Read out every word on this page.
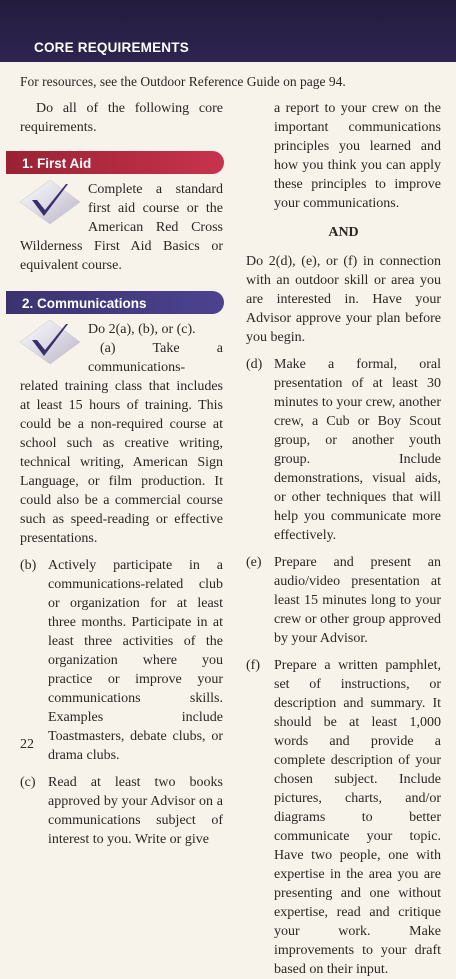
CORE REQUIREMENTS
For resources, see the Outdoor Reference Guide on page 94.

Do all of the following core requirements.

1. First Aid
Complete a standard first aid course or the American Red Cross Wilderness First Aid Basics or equivalent course.
2. Communications

Do 2(a), (b), or (c).

(a)	Take a communications-related training class that includes at least 15 hours of training. This could be a non-required course at school such as creative writing, technical writing, American Sign Language, or film production. It could also be a commercial course such as speed-reading or effective presentations.

(b) Actively participate in a communications-related club or organization for at least three months. Participate in at least three activities of the organization where you practice or improve your communications skills. Examples include Toastmasters, debate clubs, or drama clubs.

(c) Read at least two books approved by your Advisor on a communications subject of interest to you. Write or give

a report to your crew on the important communications principles you learned and how you think you can apply these principles to improve your communications.

AND

Do 2(d), (e), or (f) in connection with an outdoor skill or area you are interested in. Have your Advisor approve your plan before you begin.

(d) Make a formal, oral presentation of at least 30 minutes to your crew, another crew, a Cub or Boy Scout group, or another youth group. Include demonstrations, visual aids, or other techniques that will help you communicate more effectively.

(e) Prepare and present an audio/video presentation at least 15 minutes long to your crew or other group approved by your Advisor.

(f) Prepare a written pamphlet, set of instructions, or description and summary. It should be at least 1,000 words and provide a complete description of your chosen subject. Include pictures, charts, and/or diagrams to better communicate your topic. Have two people, one with expertise in the area you are presenting and one without expertise, read and critique your work. Make improvements to your draft based on their input.

22
